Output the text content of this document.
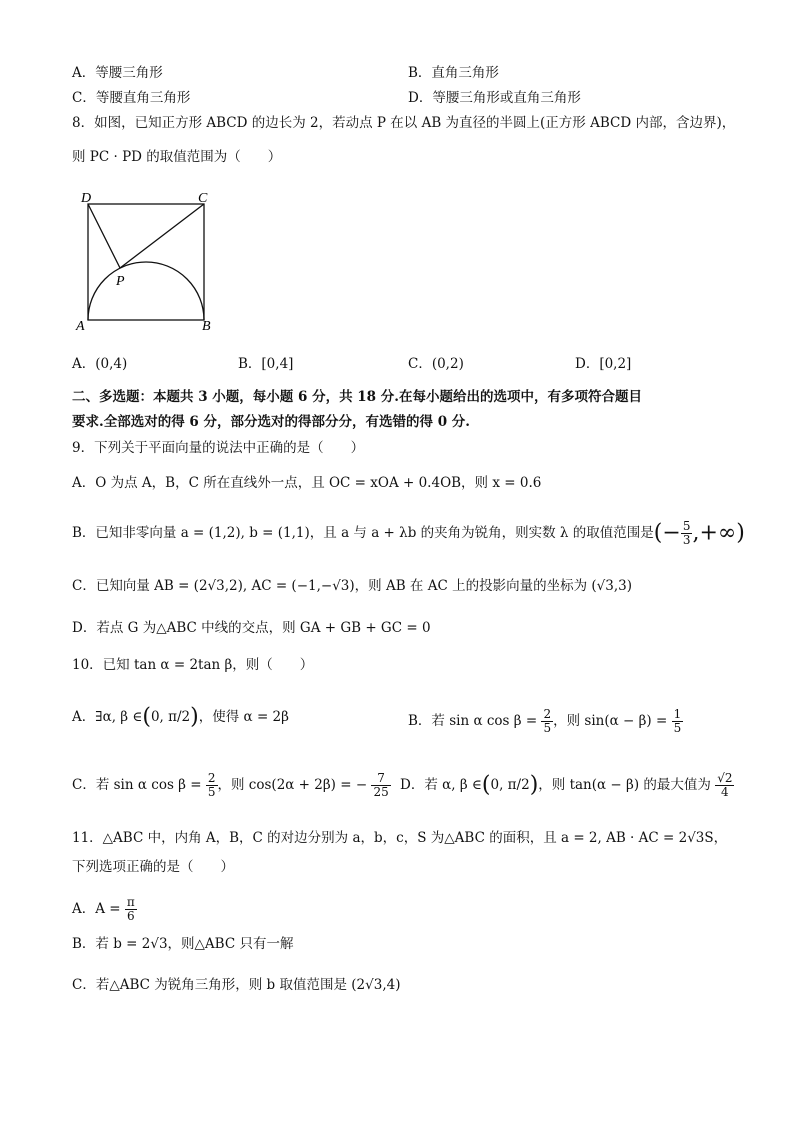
A．等腰三角形	B．直角三角形
C．等腰直角三角形	D．等腰三角形或直角三角形
8．如图，已知正方形 ABCD 的边长为 2，若动点 P 在以 AB 为直径的半圆上(正方形 ABCD 内部，含边界)，
则 PC · PD 的取值范围为（　　）
D	C
P
A	B
A．(0,4)	B．[0,4]	C．(0,2)	D．[0,2]
二、多选题：本题共 3 小题，每小题 6 分，共 18 分.在每小题给出的选项中，有多项符合题目
要求.全部选对的得 6 分，部分选对的得部分分，有选错的得 0 分.
9．下列关于平面向量的说法中正确的是（　　）
A．O 为点 A，B，C 所在直线外一点，且 OC = xOA + 0.4OB，则 x = 0.6
B．已知非零向量 a = (1,2), b = (1,1)，且 a 与 a + λb 的夹角为锐角，则实数 λ 的取值范围是(− $\frac{5}{3}$ ,+∞)
C．已知向量 AB = (2√3,2), AC = (−1,−√3)，则 AB 在 AC 上的投影向量的坐标为 (√3,3)
D．若点 G 为△ABC 中线的交点，则 GA + GB + GC = 0
10．已知 tan α = 2tan β，则（　　）
A．∃α, β ∈(0, π/2)，使得 α = 2β	B．若 sin α $\cos \beta = \frac{2}{5}$ ，则 $\sin(\alpha - \beta) = \frac{1}{5}$
C．若 sin α $\cos \beta = \frac{2}{5}$ ，则 cos(2α + 2β) = − $\frac{7}{25}$ D．若 α, β ∈(0, π/2)，则 tan(α − β) 的最大值为 $\frac{√2}{4}$
11．△ABC 中，内角 A，B，C 的对边分别为 a，b，c，S 为△ABC 的面积，且 a = 2, AB · AC = 2√3S，
下列选项正确的是（　　）
A．$A = \frac{\pi}{6}$
B．若 b = 2√3，则△ABC 只有一解
C．若△ABC 为锐角三角形，则 b 取值范围是 (2√3,4)
